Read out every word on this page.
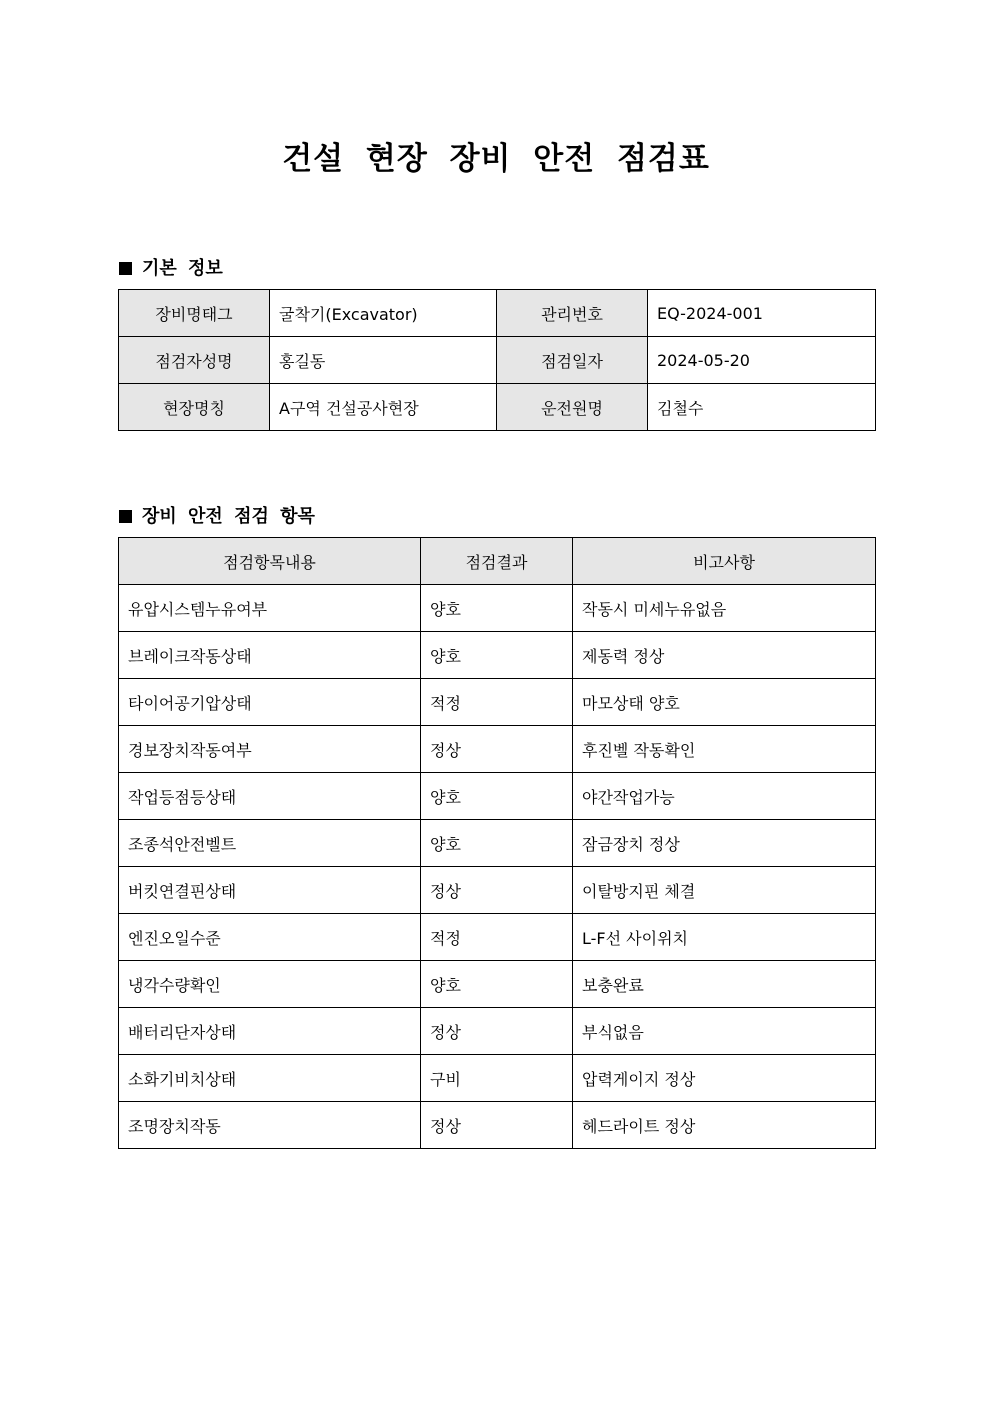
건설 현장 장비 안전 점검표
기본 정보
장비명태그	굴착기(Excavator)	관리번호	EQ-2024-001
점검자성명	홍길동	점검일자	2024-05-20
현장명칭	A구역 건설공사현장	운전원명	김철수
장비 안전 점검 항목
점검항목내용	점검결과	비고사항
유압시스템누유여부	양호	작동시 미세누유없음
브레이크작동상태	양호	제동력 정상
타이어공기압상태	적정	마모상태 양호
경보장치작동여부	정상	후진벨 작동확인
작업등점등상태	양호	야간작업가능
조종석안전벨트	양호	잠금장치 정상
버킷연결핀상태	정상	이탈방지핀 체결
엔진오일수준	적정	L-F선 사이위치
냉각수량확인	양호	보충완료
배터리단자상태	정상	부식없음
소화기비치상태	구비	압력게이지 정상
조명장치작동	정상	헤드라이트 정상
